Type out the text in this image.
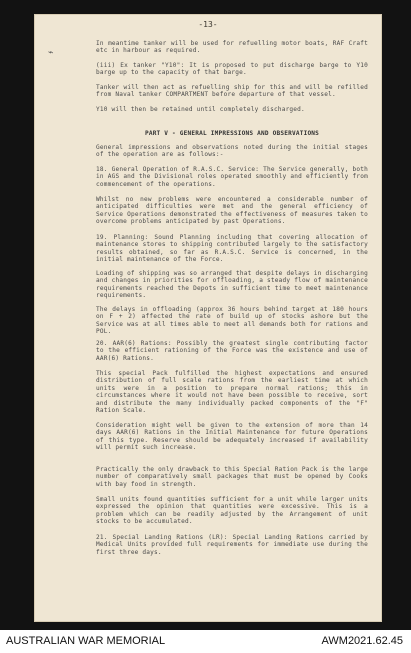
-13-
⌁
In meantime tanker will be used for refuelling motor boats, RAF Craft etc in harbour as required.
(iii) Ex tanker "Y10": It is proposed to put discharge barge to Y10 barge up to the capacity of that barge.
Tanker will then act as refuelling ship for this and will be refilled from Naval tanker COMPARTMENT before departure of that vessel.
Y10 will then be retained until completely discharged.
PART V - GENERAL IMPRESSIONS AND OBSERVATIONS
General impressions and observations noted during the initial stages of the operation are as follows:-
18. General Operation of R.A.S.C. Service: The Service generally, both in AGS and the Divisional roles operated smoothly and efficiently from commencement of the operations.
Whilst no new problems were encountered a considerable number of anticipated difficulties were met and the general efficiency of Service Operations demonstrated the effectiveness of measures taken to overcome problems anticipated by past Operations.
19. Planning: Sound Planning including that covering allocation of maintenance stores to shipping contributed largely to the satisfactory results obtained, so far as R.A.S.C. Service is concerned, in the initial maintenance of the Force.
Loading of shipping was so arranged that despite delays in discharging and changes in priorities for offloading, a steady flow of maintenance requirements reached the Depots in sufficient time to meet maintenance requirements.
The delays in offloading (approx 36 hours behind target at 180 hours on F + 2) affected the rate of build up of stocks ashore but the Service was at all times able to meet all demands both for rations and POL.
20. AAR(6) Rations: Possibly the greatest single contributing factor to the efficient rationing of the Force was the existence and use of AAR(6) Rations.
This special Pack fulfilled the highest expectations and ensured distribution of full scale rations from the earliest time at which units were in a position to prepare normal rations; this in circumstances where it would not have been possible to receive, sort and distribute the many individually packed components of the "F" Ration Scale.
Consideration might well be given to the extension of more than 14 days AAR(6) Rations in the Initial Maintenance for future Operations of this type. Reserve should be adequately increased if availability will permit such increase.
Practically the only drawback to this Special Ration Pack is the large number of comparatively small packages that must be opened by Cooks with bay food in strength.
Small units found quantities sufficient for a unit while larger units expressed the opinion that quantities were excessive. This is a problem which can be readily adjusted by the Arrangement of unit stocks to be accumulated.
21. Special Landing Rations (LR): Special Landing Rations carried by Medical Units provided full requirements for immediate use during the first three days.
AUSTRALIAN WAR MEMORIAL	AWM2021.62.45
